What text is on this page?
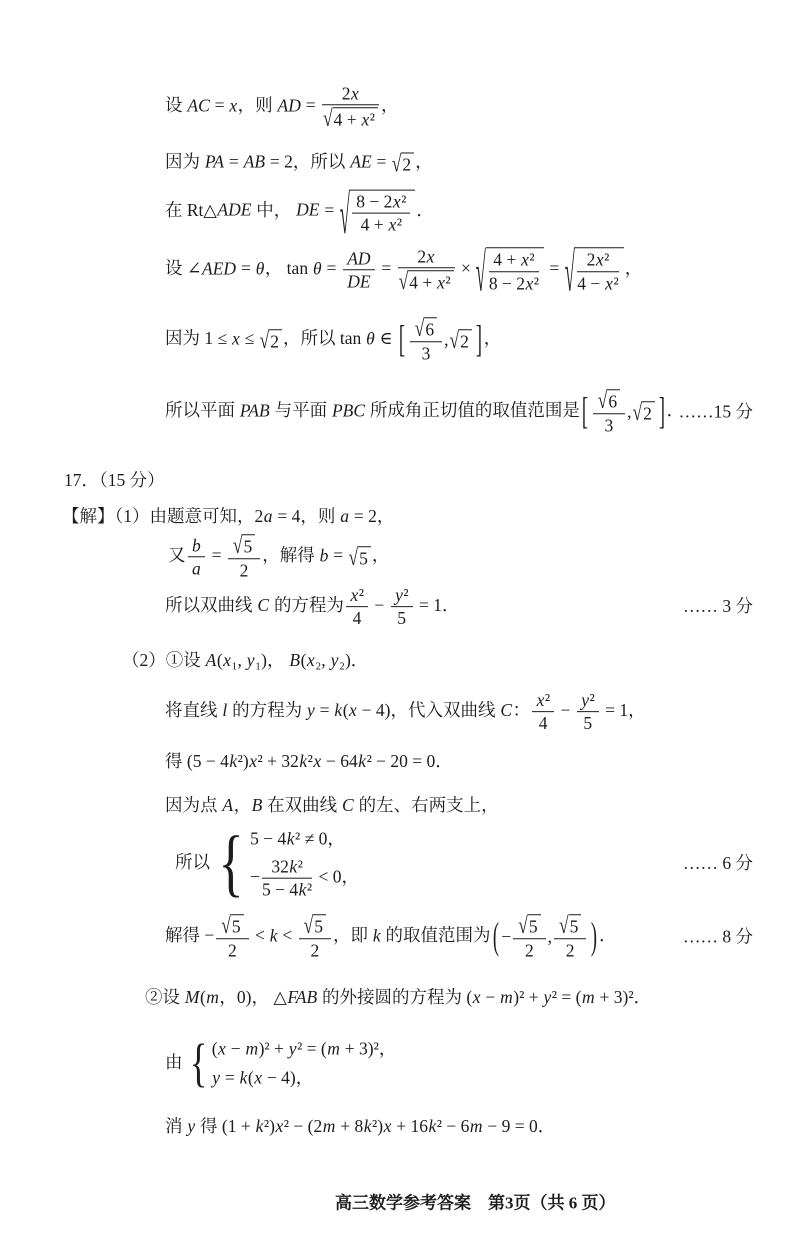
设 AC = x，则 AD = $\frac{2x}{\text{√ 4 + x²}}$ ，
因为 PA = AB = 2，所以 AE = √ 2 ，
在 Rt△ADE 中， DE = √ $\frac{\text{8 − 2x²}}{\text{4 + x²}}$ ．
设 ∠AED = θ， $\tan \theta = \frac{AD}{DE} = \frac{2x}{\text{√ 4 + x²}}$ × √ $\frac{\text{4 + x²}}{\text{8 − 2x²}}$ = √ $\frac{\text{2x²}}{\text{4 − x²}}$ ，
因为 1 ≤ x ≤ √ 2 ，所以 tan θ ∈ [ $\frac{√ 6}{3}$ , √ 2 ] ，
所以平面 PAB 与平面 PBC 所成角正切值的取值范围是 [ $\frac{√ 6}{3}$ , √ 2 ] ．
……15 分
17．（15 分）
【解】（1）由题意可知，2a = 4，则 a = 2，
又 $\frac{b}{a} = \frac{√ 5}{2}$ ，解得 b = √ 5 ，
所以双曲线 C 的方程为 $\frac{\text{x²}}{4} - \frac{\text{y²}}{5} = 1$．	…… 3 分
（2）①设 A(x₁, y₁)， B(x₂, y₂)．
将直线 l 的方程为 y = k(x − 4)，代入双曲线 C： $\frac{\text{x²}}{4} - \frac{\text{y²}}{5} = 1$，
得 (5 − 4k²)x² + 32k²x − 64k² − 20 = 0．
因为点 A，B 在双曲线 C 的左、右两支上，
所以 { 5 − 4k² ≠ 0，
− $\frac{\text{32k²}}{\text{5 − 4k²}} < 0$，
…… 6 分
解得 − $\frac{√ 5}{2} < k < \frac{√ 5}{2}$ ，即 k 的取值范围为 ( − $\frac{√ 5}{2}$ , $\frac{√ 5}{2}$ ) ．	…… 8 分
②设 M(m，0)， △FAB 的外接圆的方程为 (x − m)² + y² = (m + 3)²．
由 { (x − m)² + y² = (m + 3)²，
y = k(x − 4)，
消 y 得 (1 + k²)x² − (2m + 8k²)x + 16k² − 6m − 9 = 0．
高三数学参考答案　第3页（共 6 页）
